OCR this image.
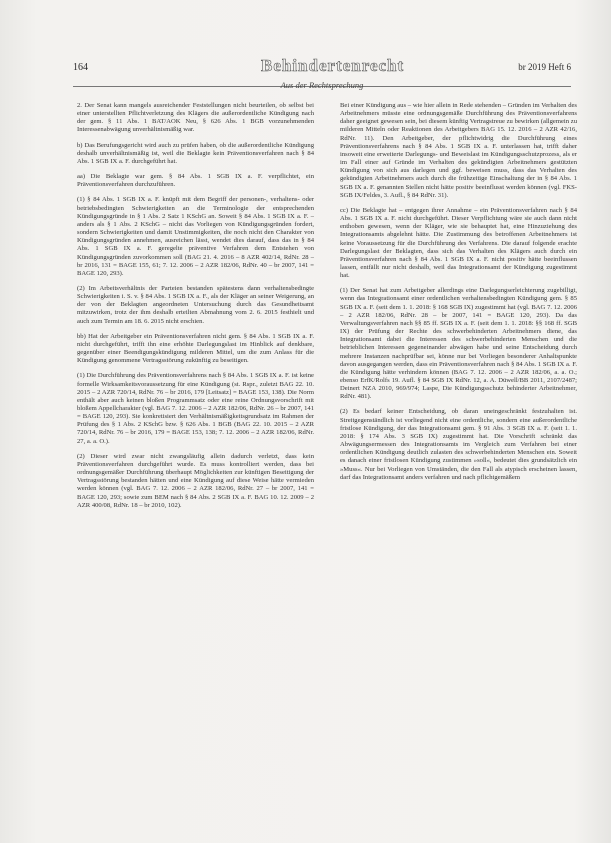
164	Behindertenrecht	br 2019 Heft 6

2. Der Senat kann mangels ausreichender Feststellungen nicht beurteilen, ob selbst bei einer unterstellten Pflichtverletzung des Klägers die außerordentliche Kündigung nach der gem. § 11 Abs. 1 BAT/AOK Neu, § 626 Abs. 1 BGB vorzunehmenden Interessenabwägung unverhältnismäßig war.

b) Das Berufungsgericht wird auch zu prüfen haben, ob die außerordentliche Kündigung deshalb unverhältnismäßig ist, weil die Beklagte kein Präventionsverfahren nach § 84 Abs. 1 SGB IX a. F. durchgeführt hat.

aa) Die Beklagte war gem. § 84 Abs. 1 SGB IX a. F. verpflichtet, ein Präventionsverfahren durchzuführen.

(1) § 84 Abs. 1 SGB IX a. F. knüpft mit dem Begriff der personen-, verhaltens- oder betriebsbedingten Schwierigkeiten an die Terminologie der entsprechenden Kündigungsgründe in § 1 Abs. 2 Satz 1 KSchG an. Soweit § 84 Abs. 1 SGB IX a. F. – anders als § 1 Abs. 2 KSchG – nicht das Vorliegen von Kündigungsgründen fordert, sondern Schwierigkeiten und damit Unstimmigkeiten, die noch nicht den Charakter von Kündigungsgründen annehmen, ausreichen lässt, wendet dies darauf, dass das in § 84 Abs. 1 SGB IX a. F. geregelte präventive Verfahren dem Entstehen von Kündigungsgründen zuvorkommen soll (BAG 21. 4. 2016 – 8 AZR 402/14, RdNr. 28 – br 2016, 131 = BAGE 155, 61; 7. 12. 2006 – 2 AZR 182/06, RdNr. 40 – br 2007, 141 = BAGE 120, 293).

(2) Im Arbeitsverhältnis der Parteien bestanden spätestens dann verhaltensbedingte Schwierigkeiten i. S. v. § 84 Abs. 1 SGB IX a. F., als der Kläger an seiner Weigerung, an der von der Beklagten angeordneten Untersuchung durch das Gesundheitsamt mitzuwirken, trotz der ihm deshalb erteilten Abmahnung vom 2. 6. 2015 festhielt und auch zum Termin am 18. 6. 2015 nicht erschien.

bb) Hat der Arbeitgeber ein Präventionsverfahren nicht gem. § 84 Abs. 1 SGB IX a. F. nicht durchgeführt, trifft ihn eine erhöhte Darlegungslast im Hinblick auf denkbare, gegenüber einer Beendigungskündigung milderen Mittel, um die zum Anlass für die Kündigung genommene Vertragsstörung zukünftig zu beseitigen.

(1) Die Durchführung des Präventionsverfahrens nach § 84 Abs. 1 SGB IX a. F. ist keine formelle Wirksamkeitsvoraussetzung für eine Kündigung (st. Rspr., zuletzt BAG 22. 10. 2015 – 2 AZR 720/14, RdNr. 76 – br 2016, 179 [Leitsatz] = BAGE 153, 138). Die Norm enthält aber auch keinen bloßen Programmsatz oder eine reine Ordnungsvorschrift mit bloßem Appellcharakter (vgl. BAG 7. 12. 2006 – 2 AZR 182/06, RdNr. 26 – br 2007, 141 = BAGE 120, 293). Sie konkretisiert den Verhältnismäßigkeitsgrundsatz im Rahmen der Prüfung des § 1 Abs. 2 KSchG bzw. § 626 Abs. 1 BGB (BAG 22. 10. 2015 – 2 AZR 720/14, RdNr. 76 – br 2016, 179 = BAGE 153, 138; 7. 12. 2006 – 2 AZR 182/06, RdNr. 27, a. a. O.).

(2) Dieser wird zwar nicht zwangsläufig allein dadurch verletzt, dass kein Präventionsverfahren durchgeführt wurde. Es muss kontrolliert werden, dass bei ordnungsgemäßer Durchführung überhaupt Möglichkeiten zur künftigen Beseitigung der Vertragsstörung bestanden hätten und eine Kündigung auf diese Weise hätte vermieden werden können (vgl. BAG 7. 12. 2006 – 2 AZR 182/06, RdNr. 27 – br 2007, 141 = BAGE 120, 293; sowie zum BEM nach § 84 Abs. 2 SGB IX a. F. BAG 10. 12. 2009 – 2 AZR 400/08, RdNr. 18 – br 2010, 102).

Bei einer Kündigung aus – wie hier allein in Rede stehenden – Gründen im Verhalten des Arbeitnehmers müsste eine ordnungsgemäße Durchführung des Präventionsverfahrens daher geeignet gewesen sein, bei diesem künftig Vertragstreue zu bewirken (allgemein zu milderen Mitteln oder Reaktionen des Arbeitgebers BAG 15. 12. 2016 – 2 AZR 42/16, RdNr. 11). Den Arbeitgeber, der pflichtwidrig die Durchführung eines Präventionsverfahrens nach § 84 Abs. 1 SGB IX a. F. unterlassen hat, trifft daher insoweit eine erweiterte Darlegungs- und Beweislast im Kündigungsschutzprozess, als er im Fall einer auf Gründe im Verhalten des gekündigten Arbeitnehmers gestützten Kündigung von sich aus darlegen und ggf. beweisen muss, dass das Verhalten des gekündigten Arbeitnehmers auch durch die frühzeitige Einschaltung der in § 84 Abs. 1 SGB IX a. F. genannten Stellen nicht hätte positiv beeinflusst werden können (vgl. FKS-SGB IX/Feldes, 3. Aufl., § 84 RdNr. 31).

cc) Die Beklagte hat – entgegen ihrer Annahme – ein Präventionsverfahren nach § 84 Abs. 1 SGB IX a. F. nicht durchgeführt. Dieser Verpflichtung wäre sie auch dann nicht enthoben gewesen, wenn der Kläger, wie sie behauptet hat, eine Hinzuziehung des Integrationsamts abgelehnt hätte. Die Zustimmung des betroffenen Arbeitnehmers ist keine Voraussetzung für die Durchführung des Verfahrens. Die darauf folgende erachte Darlegungslast der Beklagten, dass sich das Verhalten des Klägers auch durch ein Präventionsverfahren nach § 84 Abs. 1 SGB IX a. F. nicht positiv hätte beeinflussen lassen, entfällt nur nicht deshalb, weil das Integrationsamt der Kündigung zugestimmt hat.

(1) Der Senat hat zum Arbeitgeber allerdings eine Darlegungserleichterung zugebilligt, wenn das Integrationsamt einer ordentlichen verhaltensbedingten Kündigung gem. § 85 SGB IX a. F. (seit dem 1. 1. 2018: § 168 SGB IX) zugestimmt hat (vgl. BAG 7. 12. 2006 – 2 AZR 182/06, RdNr. 28 – br 2007, 141 = BAGE 120, 293). Da das Verwaltungsverfahren nach §§ 85 ff. SGB IX a. F. (seit dem 1. 1. 2018: §§ 168 ff. SGB IX) der Prüfung der Rechte des schwerbehinderten Arbeitnehmers diene, das Integrationsamt dabei die Interessen des schwerbehinderten Menschen und die betrieblichen Interessen gegeneinander abwägen habe und seine Entscheidung durch mehrere Instanzen nachprüfbar sei, könne nur bei Vorliegen besonderer Anhaltspunkte davon ausgegangen werden, dass ein Präventionsverfahren nach § 84 Abs. 1 SGB IX a. F. die Kündigung hätte verhindern können (BAG 7. 12. 2006 – 2 AZR 182/06, a. a. O.; ebenso ErfK/Rolfs 19. Aufl. § 84 SGB IX RdNr. 12, a. A. Düwell/BB 2011, 2107/2487; Deinert NZA 2010, 969/974; Laspe, Die Kündigungsschutz behinderter Arbeitnehmer, RdNr. 481).

(2) Es bedarf keiner Entscheidung, ob daran uneingeschränkt festzuhalten ist. Streitgegenständlich ist vorliegend nicht eine ordentliche, sondern eine außerordentliche fristlose Kündigung, der das Integrationsamt gem. § 91 Abs. 3 SGB IX a. F. (seit 1. 1. 2018: § 174 Abs. 3 SGB IX) zugestimmt hat. Die Vorschrift schränkt das Abwägungsermessen des Integrationsamts im Vergleich zum Verfahren bei einer ordentlichen Kündigung deutlich zulasten des schwerbehinderten Menschen ein. Soweit es danach einer fristlosen Kündigung zustimmen »soll«, bedeutet dies grundsätzlich ein »Muss«. Nur bei Vorliegen von Umständen, die den Fall als atypisch erscheinen lassen, darf das Integrationsamt anders verfahren und nach pflichtgemäßem

Aus der Rechtsprechung
